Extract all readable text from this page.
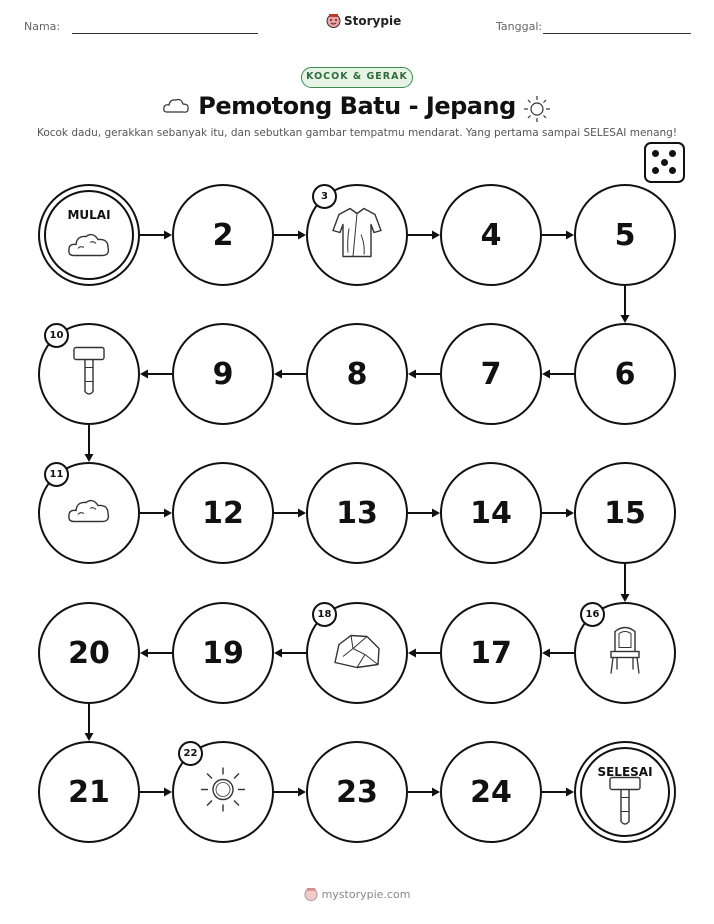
Nama:	Storypie	Tanggal:
KOCOK & GERAK
Pemotong Batu - Jepang
Kocok dadu, gerakkan sebanyak itu, dan sebutkan gambar tempatmu mendarat. Yang pertama sampai SELESAI menang!
MULAI
2
3
4	5
6
7
8
9
10
11
12	13	14	15
16
17
18
19
20
21
22
23	24
SELESAI
mystorypie.com
